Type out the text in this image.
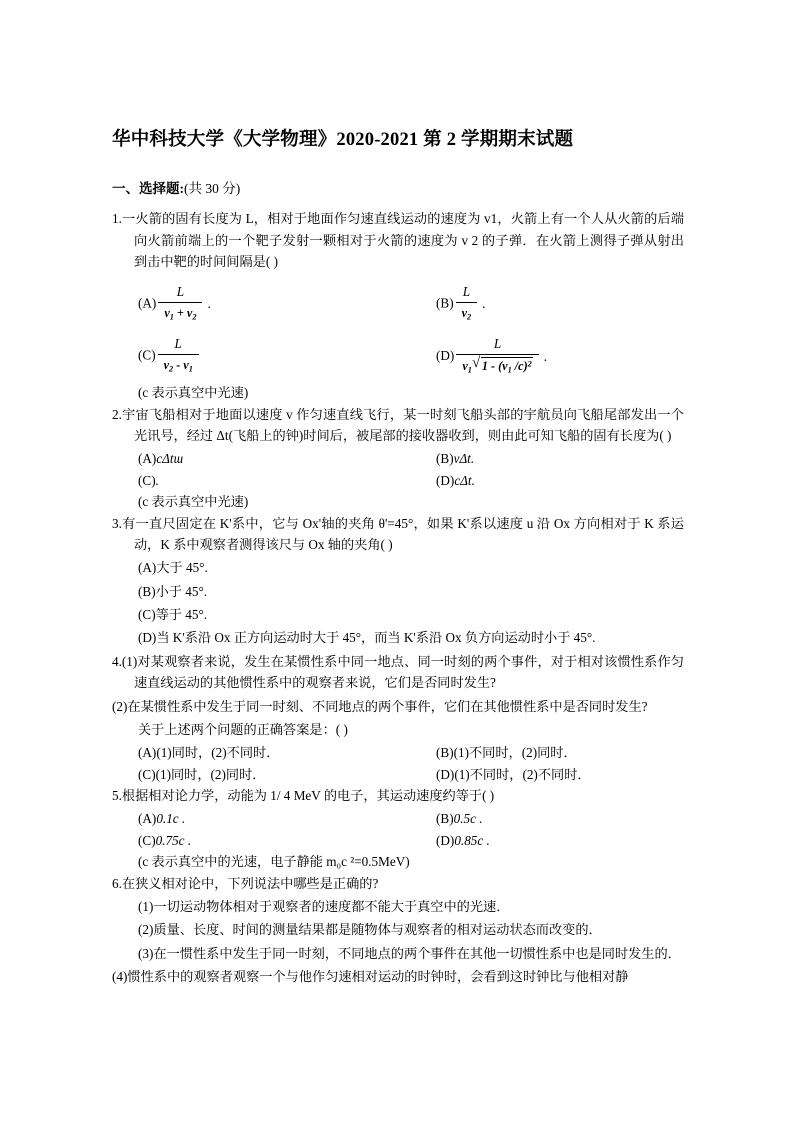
华中科技大学《大学物理》2020-2021 第 2 学期期末试题
一、选择题:(共 30 分)
1.一火箭的固有长度为 L，相对于地面作匀速直线运动的速度为 v1，火箭上有一个人从火箭的后端向火箭前端上的一个靶子发射一颗相对于火箭的速度为 v 2 的子弹．在火箭上测得子弹从射出到击中靶的时间间隔是( )
$(A) \frac{L}{v_1 + v_2}$ .	$(B) \frac{L}{v_2}$ .
$(C) \frac{L}{v_2 - v_1}$	$(D) \frac{L}{v_1 √ 1 - (v_1 /c)^2}$ .
(c 表示真空中光速)
2.宇宙飞船相对于地面以速度 v 作匀速直线飞行，某一时刻飞船头部的宇航员向飞船尾部发出一个光讯号，经过 Δt(飞船上的钟)时间后，被尾部的接收器收到，则由此可知飞船的固有长度为( )
(A)cΔtɯ	(B)vΔt.
(C).	(D)cΔt.
(c 表示真空中光速)
3.有一直尺固定在 K'系中，它与 Ox'轴的夹角 θ'=45°，如果 K'系以速度 u 沿 Ox 方向相对于 K 系运动，K 系中观察者测得该尺与 Ox 轴的夹角( )
(A)大于 45°.
(B)小于 45°.
(C)等于 45°.
(D)当 K'系沿 Ox 正方向运动时大于 45°，而当 K'系沿 Ox 负方向运动时小于 45°.
4.(1)对某观察者来说，发生在某惯性系中同一地点、同一时刻的两个事件，对于相对该惯性系作匀速直线运动的其他惯性系中的观察者来说，它们是否同时发生?
(2)在某惯性系中发生于同一时刻、不同地点的两个事件，它们在其他惯性系中是否同时发生?
关于上述两个问题的正确答案是：( )
(A)(1)同时，(2)不同时．	(B)(1)不同时，(2)同时．
(C)(1)同时，(2)同时．	(D)(1)不同时，(2)不同时．
5.根据相对论力学，动能为 1/ 4 MeV 的电子，其运动速度约等于( )
(A)0.1c .	(B)0.5c .
(C)0.75c .	(D)0.85c .
(c 表示真空中的光速，电子静能 m₀c ²=0.5MeV)
6.在狭义相对论中，下列说法中哪些是正确的?
(1)一切运动物体相对于观察者的速度都不能大于真空中的光速．
(2)质量、长度、时间的测量结果都是随物体与观察者的相对运动状态而改变的．
(3)在一惯性系中发生于同一时刻，不同地点的两个事件在其他一切惯性系中也是同时发生的．
(4)惯性系中的观察者观察一个与他作匀速相对运动的时钟时，会看到这时钟比与他相对静
